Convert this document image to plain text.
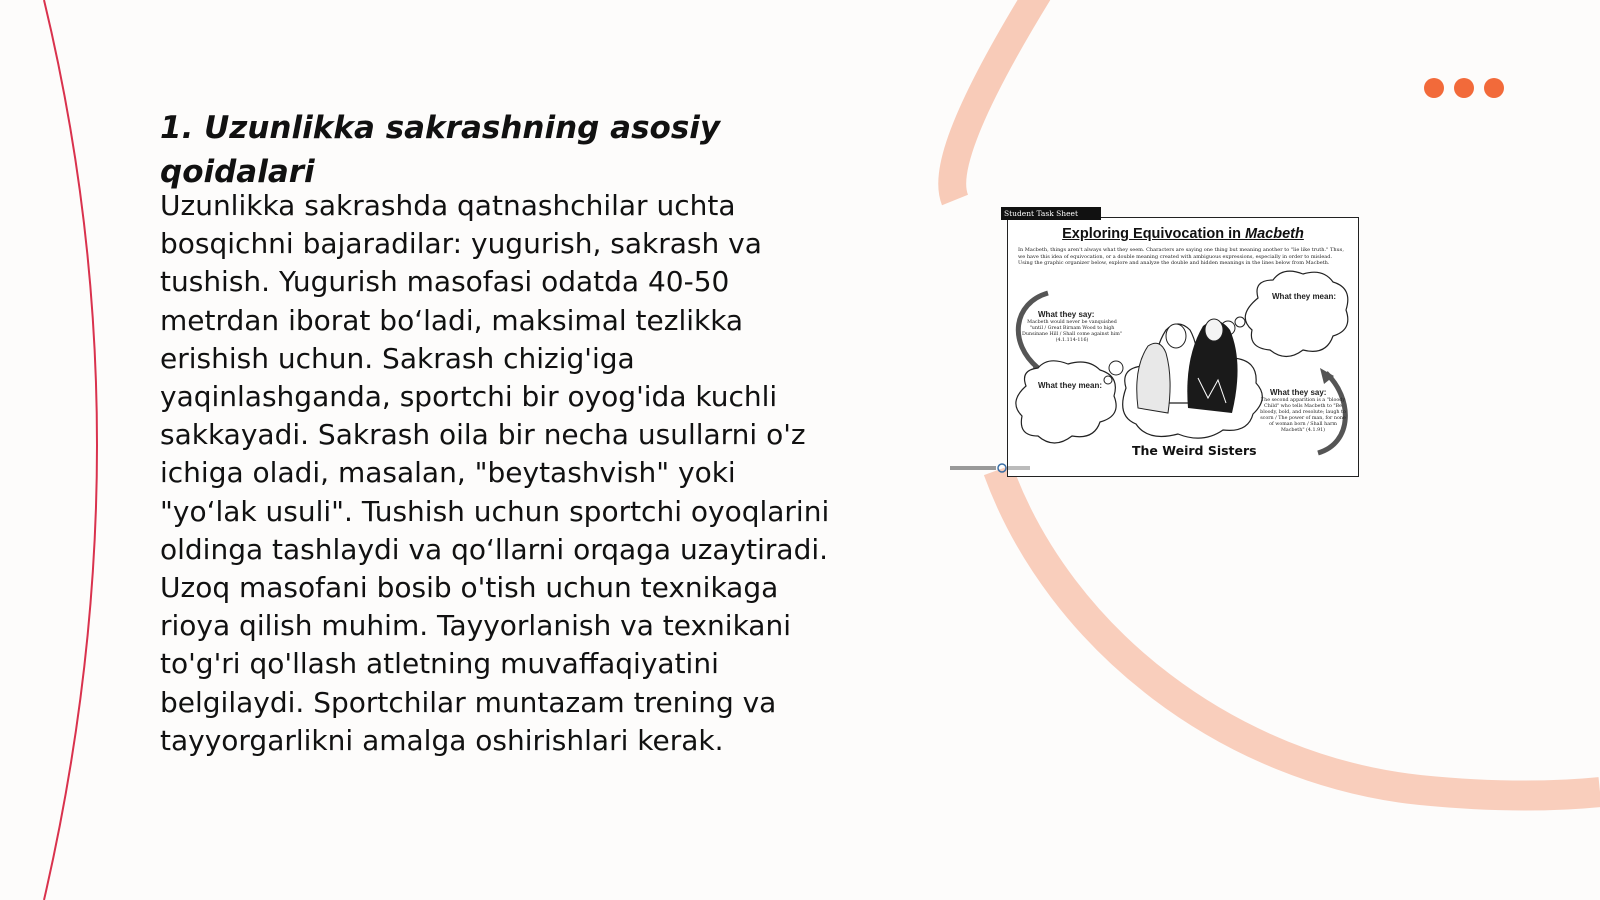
1. Uzunlikka sakrashning asosiy qoidalari

Uzunlikka sakrashda qatnashchilar uchta bosqichni bajaradilar: yugurish, sakrash va tushish. Yugurish masofasi odatda 40-50 metrdan iborat bo‘ladi, maksimal tezlikka erishish uchun. Sakrash chizig'iga yaqinlashganda, sportchi bir oyog'ida kuchli sakkayadi. Sakrash oila bir necha usullarni o'z ichiga oladi, masalan, "beytashvish" yoki "yo‘lak usuli". Tushish uchun sportchi oyoqlarini oldinga tashlaydi va qo‘llarni orqaga uzaytiradi. Uzoq masofani bosib o'tish uchun texnikaga rioya qilish muhim. Tayyorlanish va texnikani to'g'ri qo'llash atletning muvaffaqiyatini belgilaydi. Sportchilar muntazam trening va tayyorgarlikni amalga oshirishlari kerak.

Exploring Equivocation in Macbeth
In Macbeth, things aren't always what they seem. Characters are saying one thing but meaning another to "lie like truth." Thus, we have this idea of equivocation, or a double meaning created with ambiguous expressions, especially in order to mislead. Using the graphic organizer below, explore and analyze the double and hidden meanings in the lines below from Macbeth.
What they say:
Macbeth would never be vanquished "until / Great Birnam Wood to high Dunsinane Hill / Shall come against him" (4.1.114-116)
What they mean:
What they mean:
What they say:
The second apparition is a "bloody Child" who tells Macbeth to "Be bloody, bold, and resolute; laugh to scorn / The power of man, for none of woman born / Shall harm Macbeth" (4.1.91)
The Weird Sisters
Student Task Sheet
